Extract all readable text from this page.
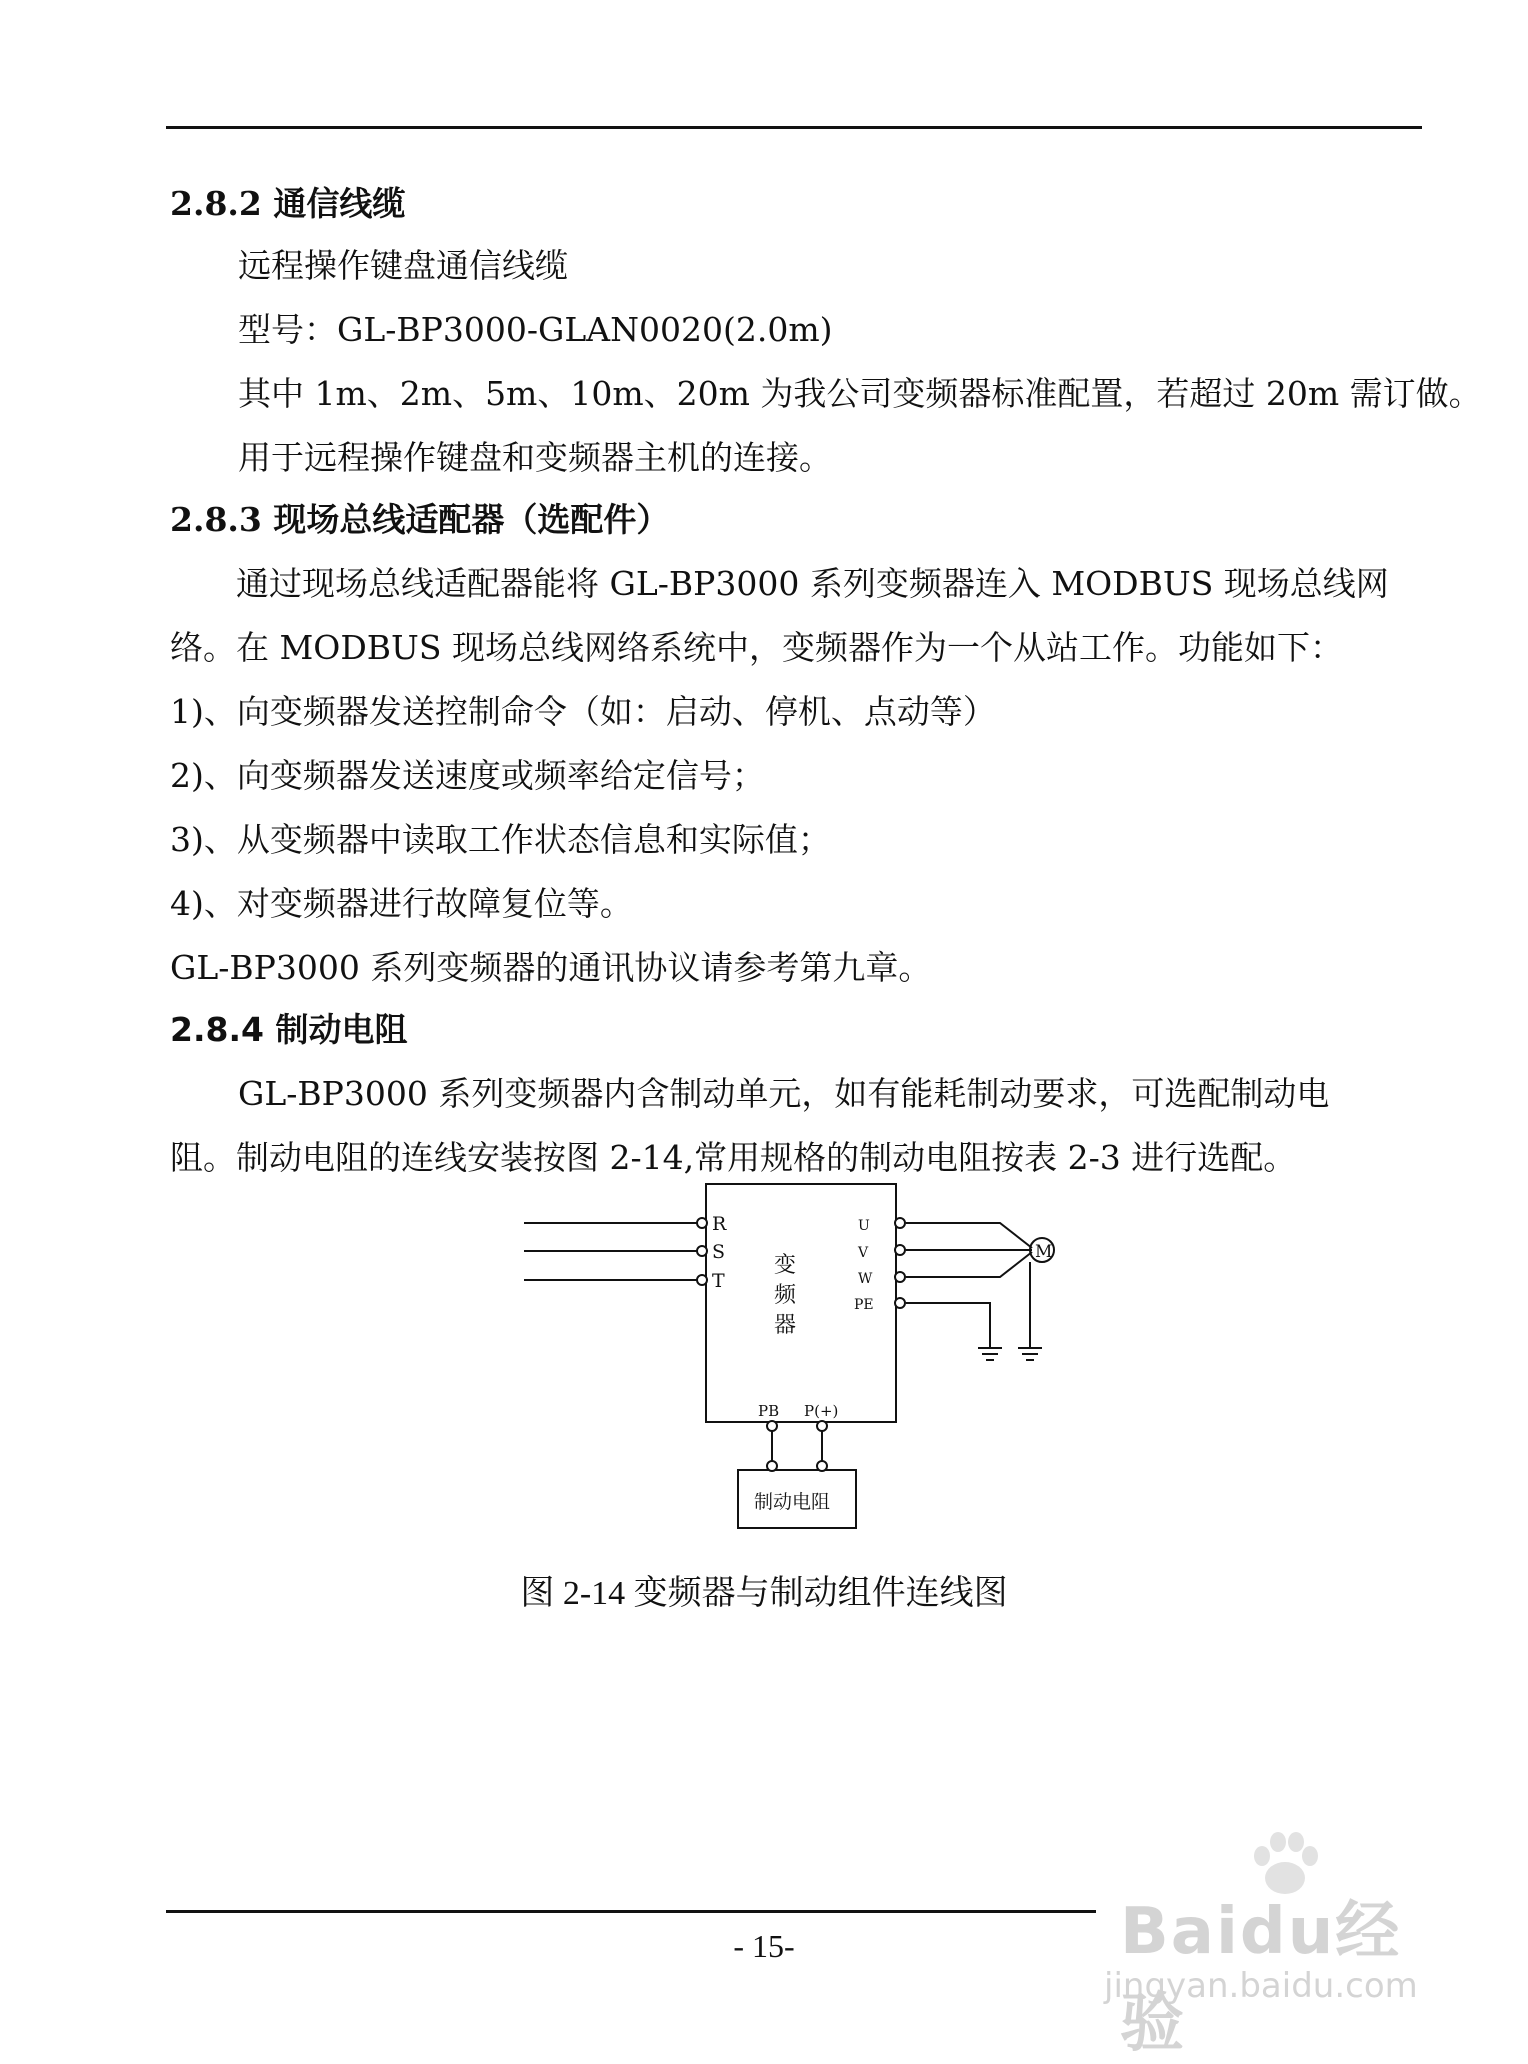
2.8.2 通信线缆
远程操作键盘通信线缆
型号：GL-BP3000-GLAN0020(2.0m)
其中 1m、2m、5m、10m、20m 为我公司变频器标准配置，若超过 20m 需订做。
用于远程操作键盘和变频器主机的连接。
2.8.3 现场总线适配器（选配件）
通过现场总线适配器能将 GL-BP3000 系列变频器连入 MODBUS 现场总线网
络。在 MODBUS 现场总线网络系统中，变频器作为一个从站工作。功能如下：
1)、向变频器发送控制命令（如：启动、停机、点动等）
2)、向变频器发送速度或频率给定信号；
3)、从变频器中读取工作状态信息和实际值；
4)、对变频器进行故障复位等。
GL-BP3000 系列变频器的通讯协议请参考第九章。
2.8.4 制动电阻
GL-BP3000 系列变频器内含制动单元，如有能耗制动要求，可选配制动电
阻。制动电阻的连线安装按图 2-14,常用规格的制动电阻按表 2-3 进行选配。
R
S
T
U
V
W
PE
变
频
器
PB P(+)
制动电阻
M
图 2-14 变频器与制动组件连线图
- 15-	Baidu经验
jingyan.baidu.com
